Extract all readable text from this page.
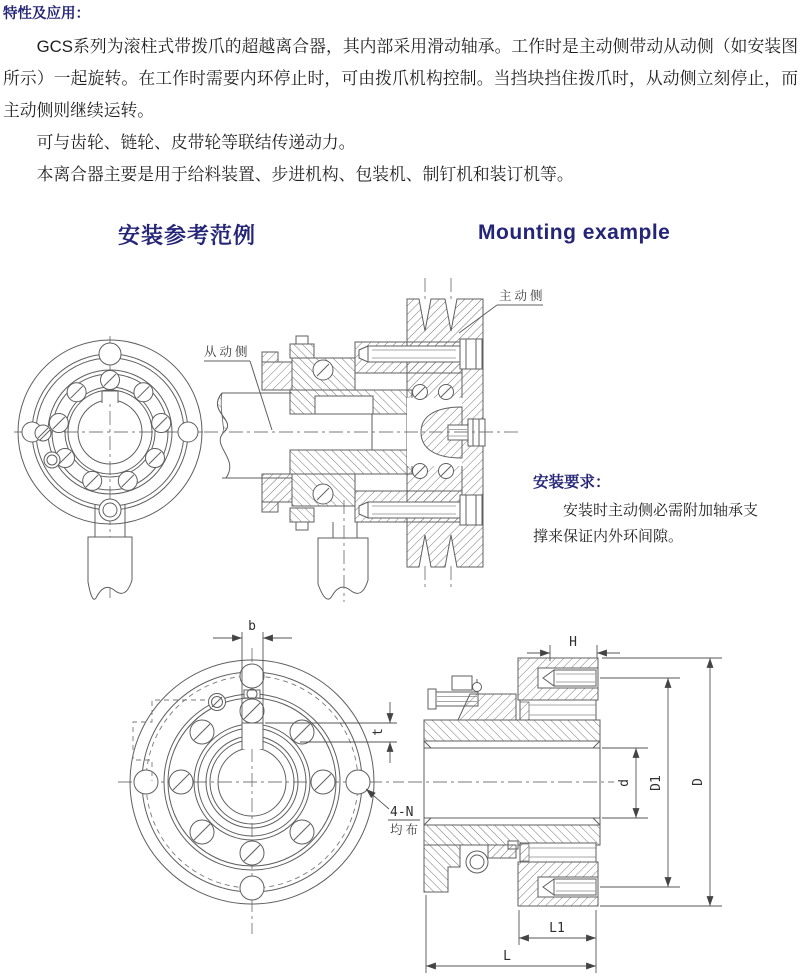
特性及应用：

GCS系列为滚柱式带拨爪的超越离合器，其内部采用滑动轴承。工作时是主动侧带动从动侧（如安装图所示）一起旋转。在工作时需要内环停止时，可由拨爪机构控制。当挡块挡住拨爪时，从动侧立刻停止，而主动侧则继续运转。

可与齿轮、链轮、皮带轮等联结传递动力。

本离合器主要是用于给料装置、步进机构、包装机、制钉机和装订机等。

安装参考范例	Mounting example
从动侧
主动侧
安装要求：

安装时主动侧必需附加轴承支撑来保证内外环间隙。

b
t
4-N
均布
H
d D1 D
L1
L
